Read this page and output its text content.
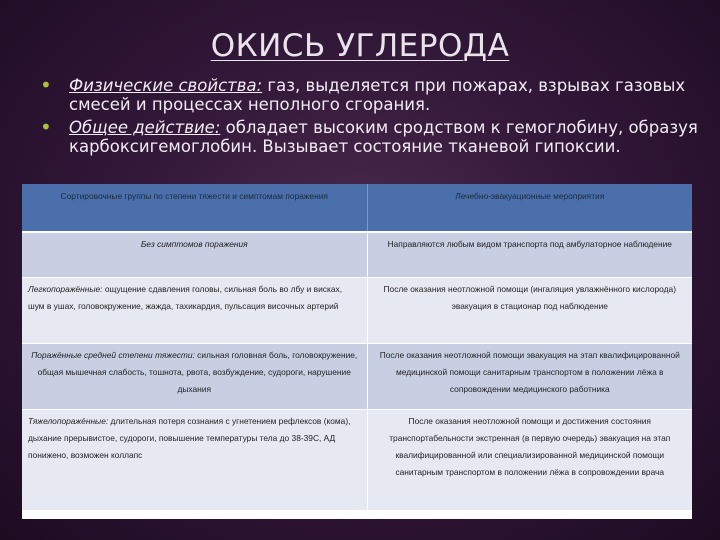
ОКИСЬ УГЛЕРОДА
• Физические свойства: газ, выделяется при пожарах, взрывах газовых смесей и процессах неполного сгорания.
• Общее действие: обладает высоким сродством к гемоглобину, образуя карбоксигемоглобин. Вызывает состояние тканевой гипоксии.
Сортировочные группы по степени тяжести и симптомам поражения	Лечебно-эвакуационные мероприятия
Без симптомов поражения	Направляются любым видом транспорта под амбулаторное наблюдение
Легкопоражённые: ощущение сдавления головы, сильная боль во лбу и висках, шум в ушах, головокружение, жажда, тахикардия, пульсация височных артерий	После оказания неотложной помощи (ингаляция увлажнённого кислорода) эвакуация в стационар под наблюдение
Поражённые средней степени тяжести: сильная головная боль, головокружение, общая мышечная слабость, тошнота, рвота, возбуждение, судороги, нарушение дыхания	После оказания неотложной помощи эвакуация на этап квалифицированной медицинской помощи санитарным транспортом в положении лёжа в сопровождении медицинского работника
Тяжелопоражённые: длительная потеря сознания с угнетением рефлексов (кома), дыхание прерывистое, судороги, повышение температуры тела до 38-39С, АД понижено, возможен коллапс	После оказания неотложной помощи и достижения состояния транспортабельности экстренная (в первую очередь) эвакуация на этап квалифицированной или специализированной медицинской помощи санитарным транспортом в положении лёжа в сопровождении врача
